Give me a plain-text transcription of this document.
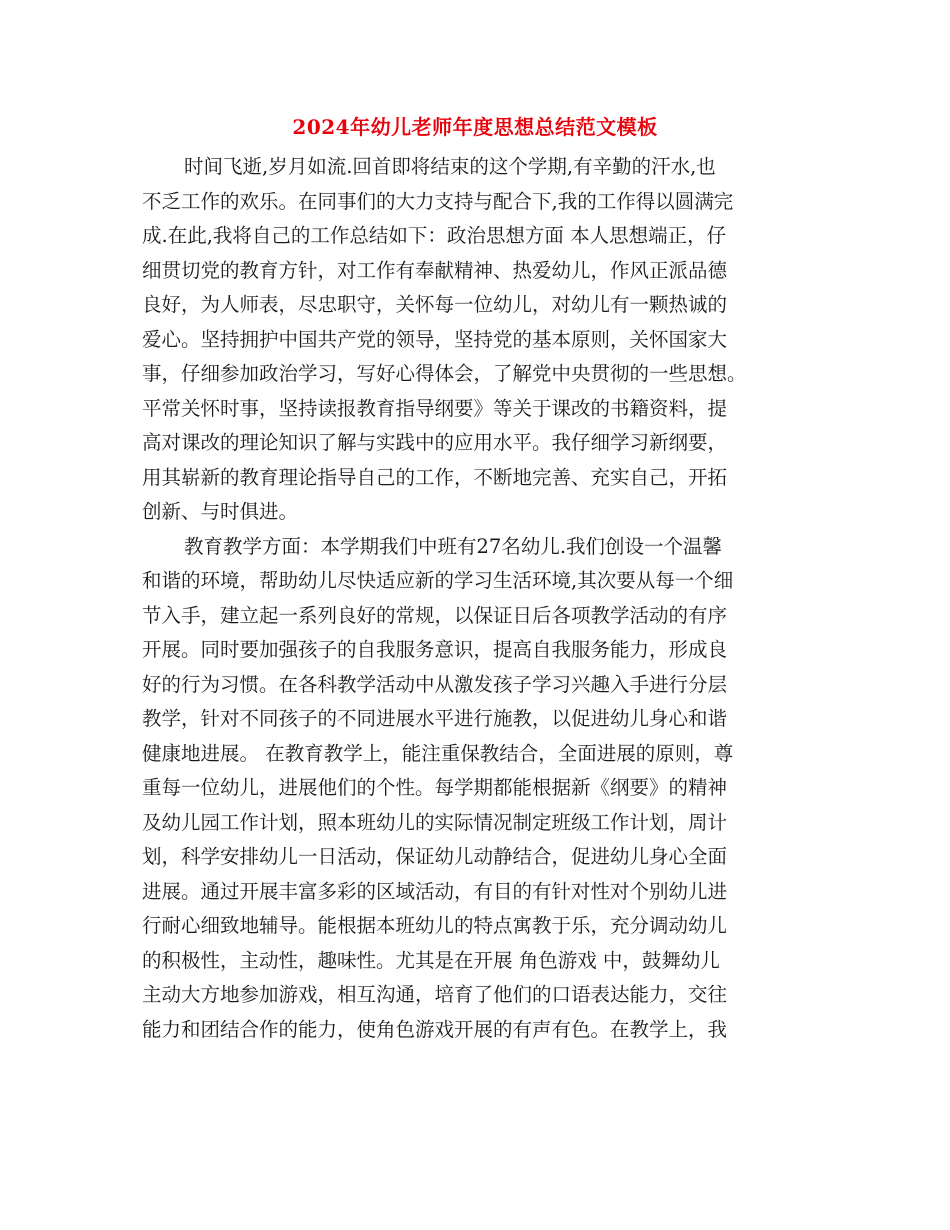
2024年幼儿老师年度思想总结范文模板
时间飞逝,岁月如流.回首即将结束的这个学期,有辛勤的汗水,也
不乏工作的欢乐。在同事们的大力支持与配合下,我的工作得以圆满完
成.在此,我将自己的工作总结如下：政治思想方面 本人思想端正，仔
细贯切党的教育方针，对工作有奉献精神、热爱幼儿，作风正派品德
良好，为人师表，尽忠职守，关怀每一位幼儿，对幼儿有一颗热诚的
爱心。坚持拥护中国共产党的领导，坚持党的基本原则，关怀国家大
事，仔细参加政治学习，写好心得体会，了解党中央贯彻的一些思想。
平常关怀时事，坚持读报教育指导纲要》等关于课改的书籍资料，提
高对课改的理论知识了解与实践中的应用水平。我仔细学习新纲要，
用其崭新的教育理论指导自己的工作，不断地完善、充实自己，开拓
创新、与时俱进。
教育教学方面：本学期我们中班有27名幼儿.我们创设一个温馨
和谐的环境，帮助幼儿尽快适应新的学习生活环境,其次要从每一个细
节入手，建立起一系列良好的常规，以保证日后各项教学活动的有序
开展。同时要加强孩子的自我服务意识，提高自我服务能力，形成良
好的行为习惯。在各科教学活动中从激发孩子学习兴趣入手进行分层
教学，针对不同孩子的不同进展水平进行施教，以促进幼儿身心和谐
健康地进展。 在教育教学上，能注重保教结合，全面进展的原则，尊
重每一位幼儿，进展他们的个性。每学期都能根据新《纲要》的精神
及幼儿园工作计划，照本班幼儿的实际情况制定班级工作计划，周计
划，科学安排幼儿一日活动，保证幼儿动静结合，促进幼儿身心全面
进展。通过开展丰富多彩的区域活动，有目的有针对性对个别幼儿进
行耐心细致地辅导。能根据本班幼儿的特点寓教于乐，充分调动幼儿
的积极性，主动性，趣味性。尤其是在开展 角色游戏 中，鼓舞幼儿
主动大方地参加游戏，相互沟通，培育了他们的口语表达能力，交往
能力和团结合作的能力，使角色游戏开展的有声有色。在教学上，我
